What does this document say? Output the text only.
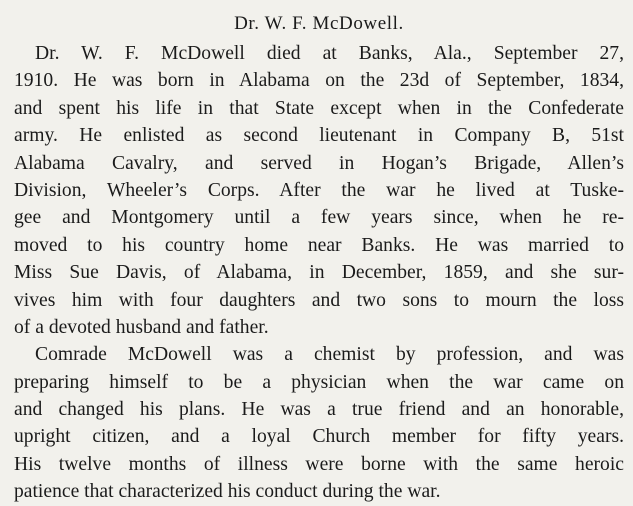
Dr. W. F. McDowell.
Dr. W. F. McDowell died at Banks, Ala., September 27,
1910. He was born in Alabama on the 23d of September, 1834,
and spent his life in that State except when in the Confederate
army. He enlisted as second lieutenant in Company B, 51st
Alabama Cavalry, and served in Hogan’s Brigade, Allen’s
Division, Wheeler’s Corps. After the war he lived at Tuske-
gee and Montgomery until a few years since, when he re-
moved to his country home near Banks. He was married to
Miss Sue Davis, of Alabama, in December, 1859, and she sur-
vives him with four daughters and two sons to mourn the loss
of a devoted husband and father.
Comrade McDowell was a chemist by profession, and was
preparing himself to be a physician when the war came on
and changed his plans. He was a true friend and an honorable,
upright citizen, and a loyal Church member for fifty years.
His twelve months of illness were borne with the same heroic
patience that characterized his conduct during the war.
